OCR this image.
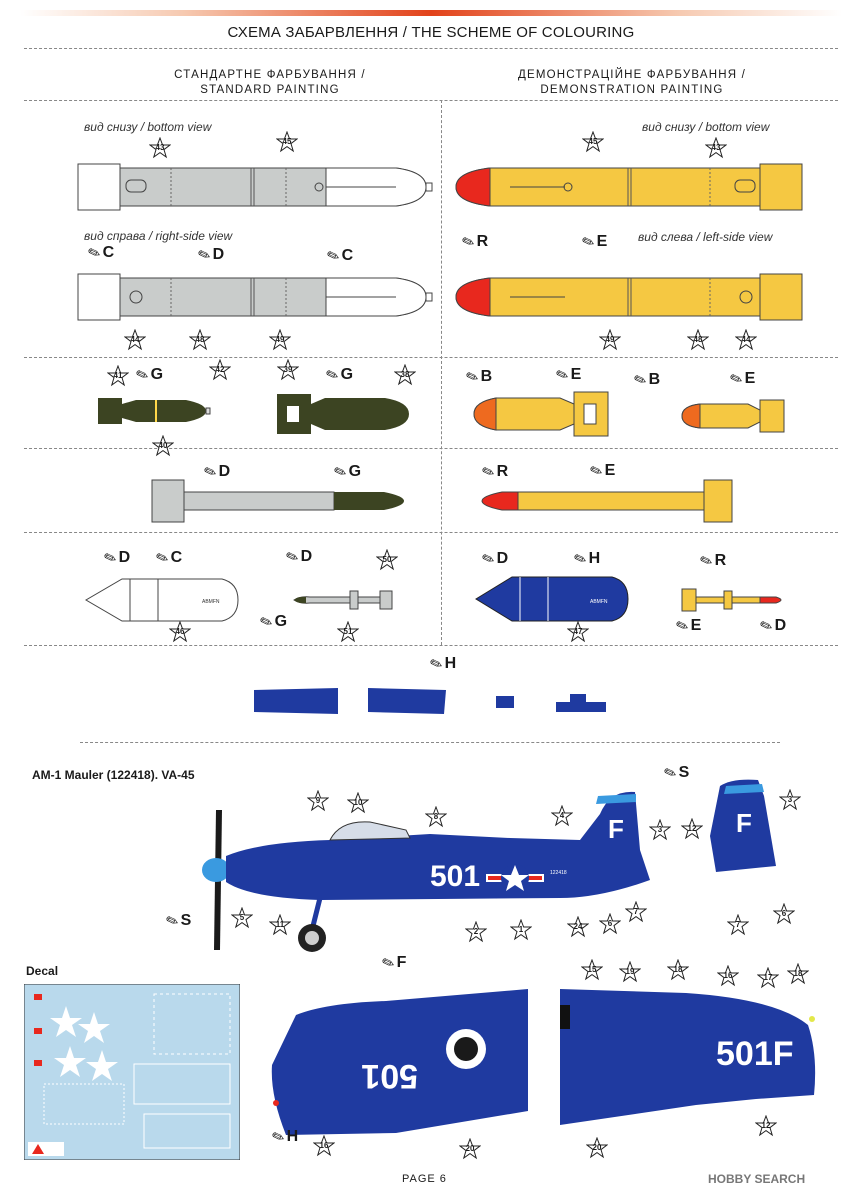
СХЕМА ЗАБАРВЛЕННЯ / THE SCHEME OF COLOURING
СТАНДАРТНЕ ФАРБУВАННЯ /
STANDARD PAINTING
ДЕМОНСТРАЦІЙНЕ ФАРБУВАННЯ /
DEMONSTRATION PAINTING
вид снизу / bottom view
вид справа / right-side view
вид снизу / bottom view
вид слева / left-side view
✎ C	✎ D	✎ C
✎ R	✎ E
✎ G	✎ G	✎ B	✎ E	✎ B	✎ E
✎ D	✎ G	✎ R	✎ E
ABMFN	ABMFN
✎ D ✎ C	✎ D
✎ G
✎ D	✎ H	✎ R
✎ E	✎ D
✎ H
AM-1 Mauler (122418). VA-45
F
501
501
122418
F
✎ S
✎ S
✎ F
501
501F
✎ H
Decal
PAGE 6	HOBBY SEARCH
43
45
44	48	49
45
43
49	48	44
41
42
40
39
38
46	47
50
51
9	10
8	4
3
7
6
24
1
2
11
5
3
12
6
7
16	20
15	19	18
16	17	18
20
12
